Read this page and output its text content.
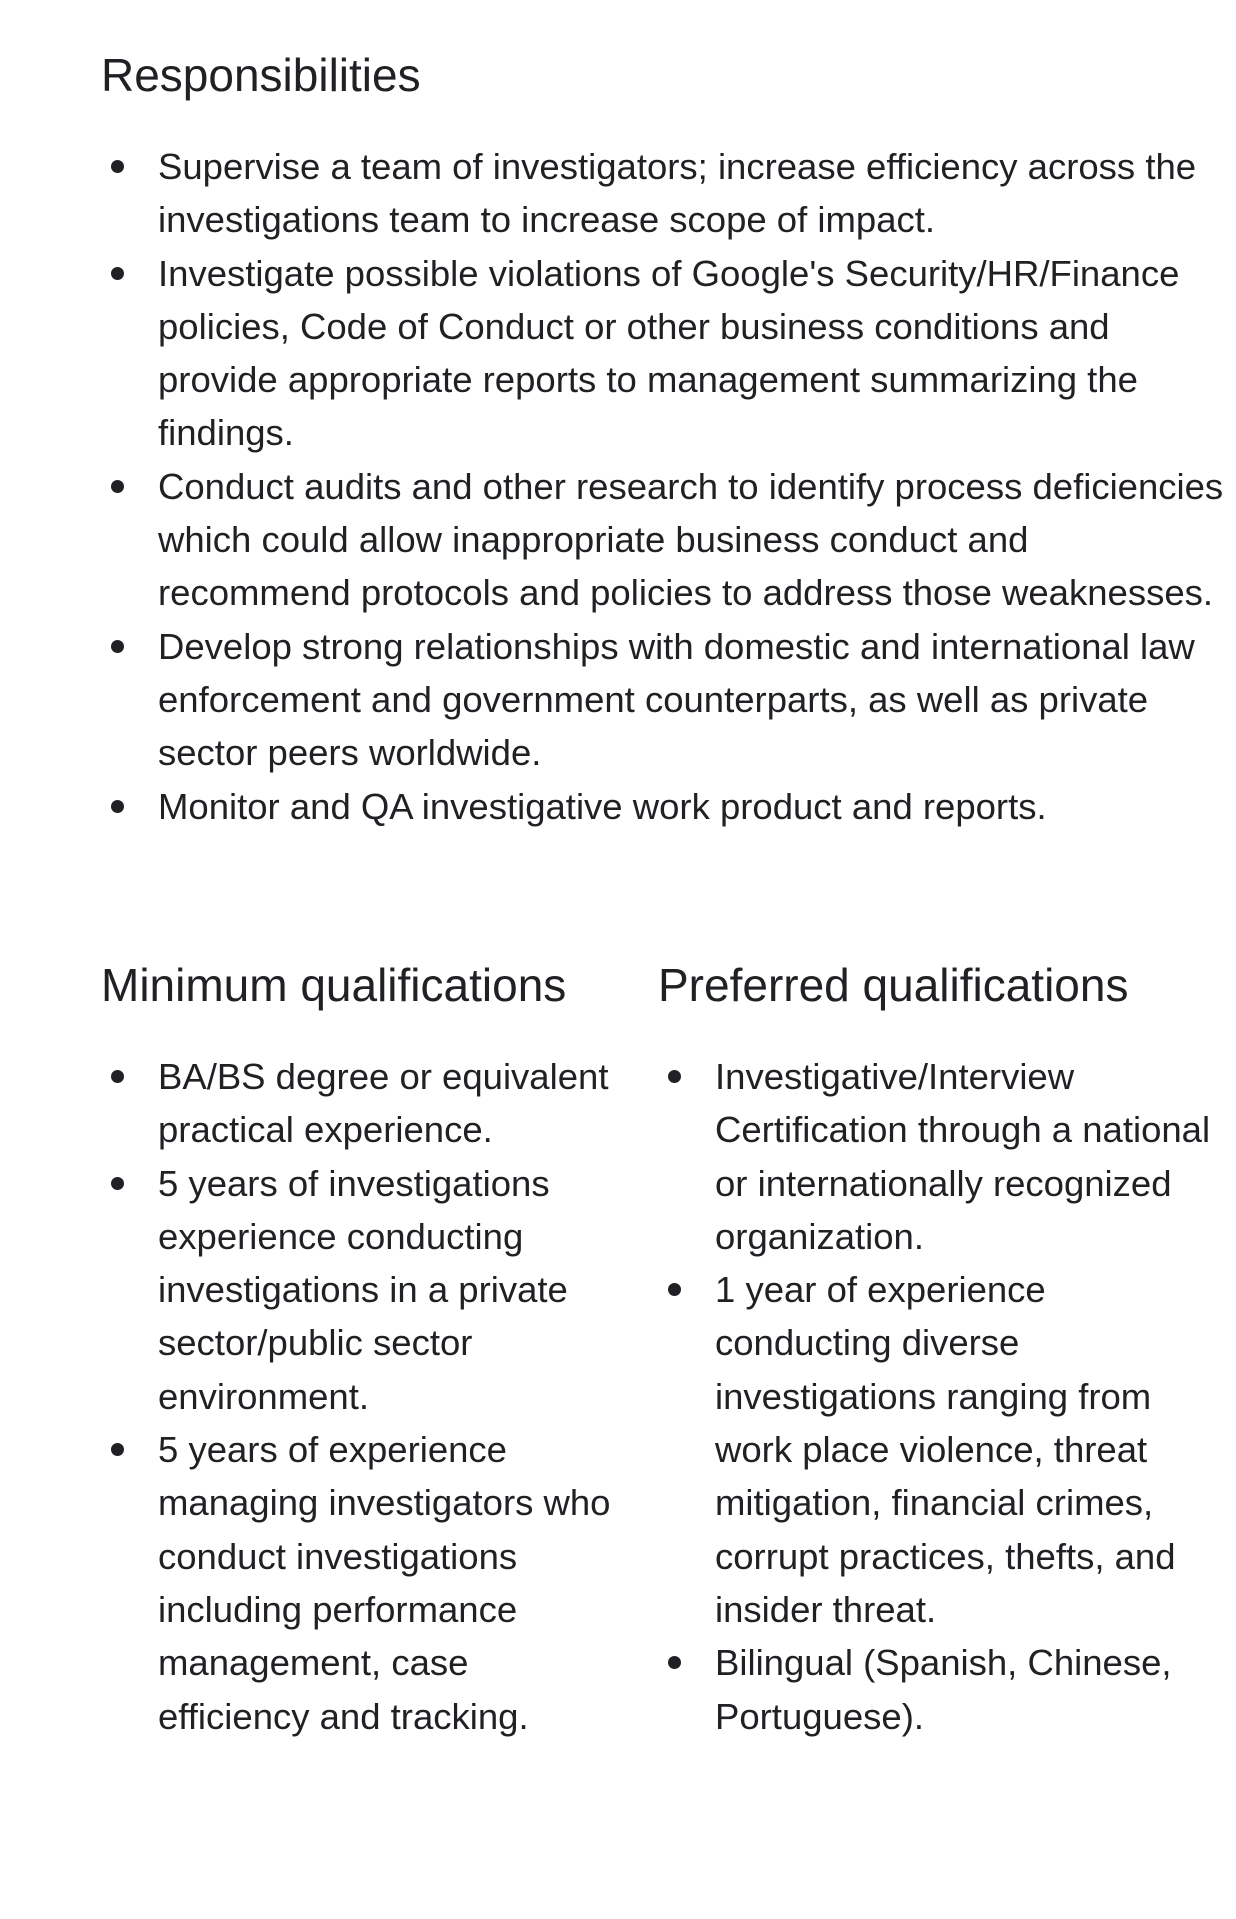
Responsibilities
Supervise a team of investigators; increase efficiency across the investigations team to increase scope of impact.
Investigate possible violations of Google's Security/HR/Finance policies, Code of Conduct or other business conditions and provide appropriate reports to management summarizing the findings.
Conduct audits and other research to identify process deficiencies which could allow inappropriate business conduct and recommend protocols and policies to address those weaknesses.
Develop strong relationships with domestic and international law enforcement and government counterparts, as well as private sector peers worldwide.
Monitor and QA investigative work product and reports.
Minimum qualifications
BA/BS degree or equivalent practical experience.
5 years of investigations experience conducting investigations in a private sector/public sector environment.
5 years of experience managing investigators who conduct investigations including performance management, case efficiency and tracking.
Preferred qualifications
Investigative/Interview Certification through a national or internationally recognized organization.
1 year of experience conducting diverse investigations ranging from work place violence, threat mitigation, financial crimes, corrupt practices, thefts, and insider threat.
Bilingual (Spanish, Chinese, Portuguese).
